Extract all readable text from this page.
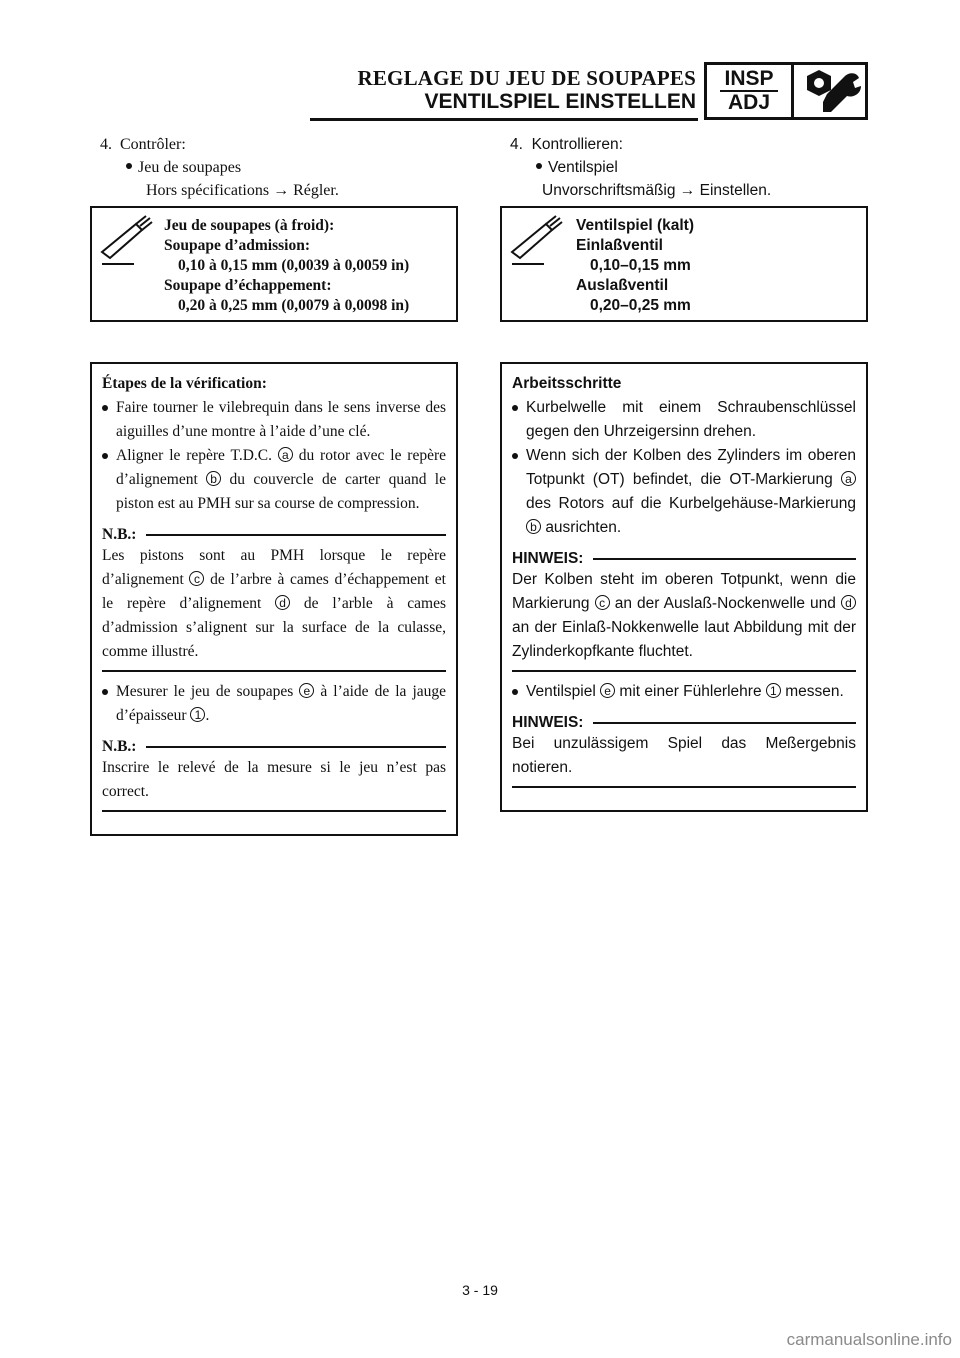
REGLAGE DU JEU DE SOUPAPES
VENTILSPIEL EINSTELLEN
INSP
ADJ
4. Contrôler:
Jeu de soupapes
Hors spécifications → Régler.
Jeu de soupapes (à froid):
Soupape d’admission:
0,10 à 0,15 mm (0,0039 à 0,0059 in)
Soupape d’échappement:
0,20 à 0,25 mm (0,0079 à 0,0098 in)

Étapes de la vérification:

Faire tourner le vilebrequin dans le sens inverse des aiguilles d’une montre à l’aide d’une clé.
Aligner le repère T.D.C. a du rotor avec le repère d’alignement b du couvercle de carter quand le piston est au PMH sur sa course de compression.
N.B.:
Les pistons sont au PMH lorsque le repère d’alignement c de l’arbre à cames d’échappement et le repère d’alignement d de l’arble à cames d’admission s’alignent sur la surface de la culasse, comme illustré.
Mesurer le jeu de soupapes e à l’aide de la jauge d’épaisseur 1 .
N.B.:
Inscrire le relevé de la mesure si le jeu n’est pas correct.
4. Kontrollieren:
Ventilspiel
Unvorschriftsmäßig → Einstellen.
Ventilspiel (kalt)
Einlaßventil
0,10–0,15 mm
Auslaßventil
0,20–0,25 mm

Arbeitsschritte

Kurbelwelle mit einem Schraubenschlüssel gegen den Uhrzeigersinn drehen.
Wenn sich der Kolben des Zylinders im oberen Totpunkt (OT) befindet, die OT-Markierung a des Rotors auf die Kurbelgehäuse-Markierung b ausrichten.
HINWEIS:
Der Kolben steht im oberen Totpunkt, wenn die Markierung c an der Auslaß-Nockenwelle und d an der Einlaß-Nokkenwelle laut Abbildung mit der Zylinderkopfkante fluchtet.
Ventilspiel e mit einer Fühlerlehre 1 messen.
HINWEIS:
Bei unzulässigem Spiel das Meßergebnis notieren.
3 - 19
carmanualsonline.info
